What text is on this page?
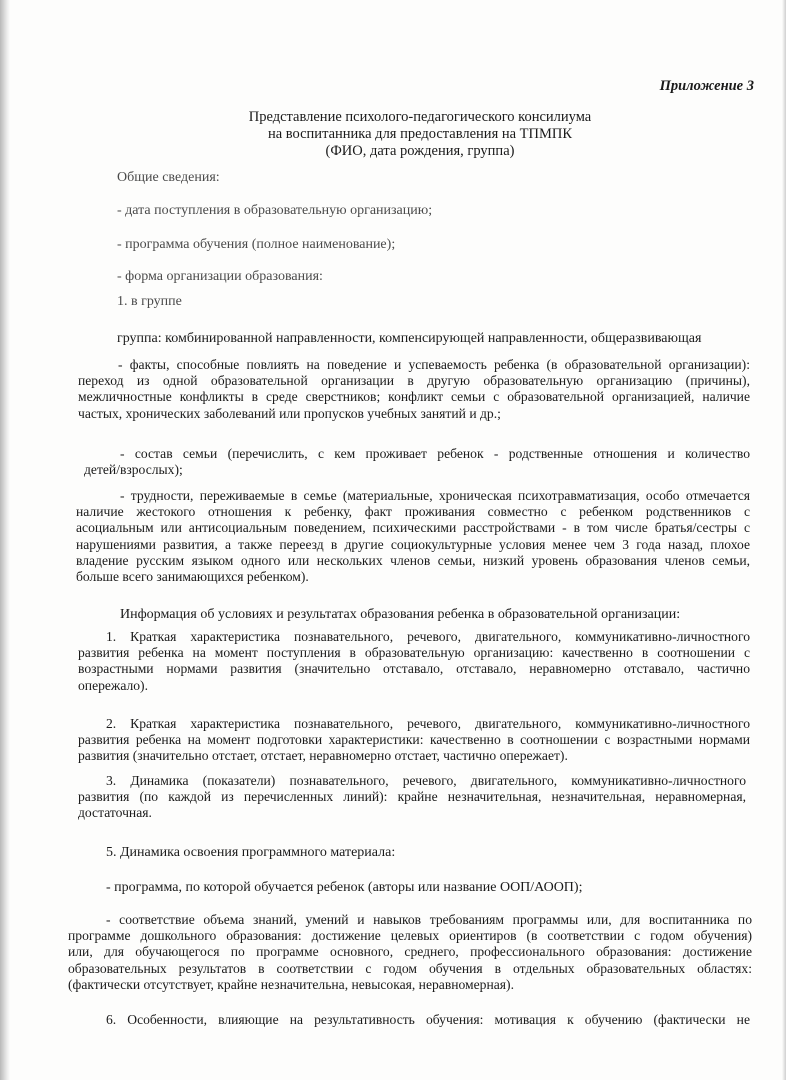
Приложение 3
Представление психолого-педагогического консилиума
на воспитанника для предоставления на ТПМПК
(ФИО, дата рождения, группа)
Общие сведения:
- дата поступления в образовательную организацию;
- программа обучения (полное наименование);
- форма организации образования:
1. в группе
группа: комбинированной направленности, компенсирующей направленности, общеразвивающая
- факты, способные повлиять на поведение и успеваемость ребенка (в образовательной организации):
переход из одной образовательной организации в другую образовательную организацию (причины),
межличностные конфликты в среде сверстников; конфликт семьи с образовательной организацией, наличие
частых, хронических заболеваний или пропусков учебных занятий и др.;
- состав семьи (перечислить, с кем проживает ребенок - родственные отношения и количество
детей/взрослых);
- трудности, переживаемые в семье (материальные, хроническая психотравматизация, особо отмечается
наличие жестокого отношения к ребенку, факт проживания совместно с ребенком родственников с
асоциальным или антисоциальным поведением, психическими расстройствами - в том числе братья/сестры с
нарушениями развития, а также переезд в другие социокультурные условия менее чем 3 года назад, плохое
владение русским языком одного или нескольких членов семьи, низкий уровень образования членов семьи,
больше всего занимающихся ребенком).
Информация об условиях и результатах образования ребенка в образовательной организации:
1. Краткая характеристика познавательного, речевого, двигательного, коммуникативно-личностного
развития ребенка на момент поступления в образовательную организацию: качественно в соотношении с
возрастными нормами развития (значительно отставало, отставало, неравномерно отставало, частично
опережало).
2. Краткая характеристика познавательного, речевого, двигательного, коммуникативно-личностного
развития ребенка на момент подготовки характеристики: качественно в соотношении с возрастными нормами
развития (значительно отстает, отстает, неравномерно отстает, частично опережает).
3. Динамика (показатели) познавательного, речевого, двигательного, коммуникативно-личностного
развития (по каждой из перечисленных линий): крайне незначительная, незначительная, неравномерная,
достаточная.
5. Динамика освоения программного материала:
- программа, по которой обучается ребенок (авторы или название ООП/АООП);
- соответствие объема знаний, умений и навыков требованиям программы или, для воспитанника по
программе дошкольного образования: достижение целевых ориентиров (в соответствии с годом обучения)
или, для обучающегося по программе основного, среднего, профессионального образования: достижение
образовательных результатов в соответствии с годом обучения в отдельных образовательных областях:
(фактически отсутствует, крайне незначительна, невысокая, неравномерная).
6. Особенности, влияющие на результативность обучения: мотивация к обучению (фактически не
